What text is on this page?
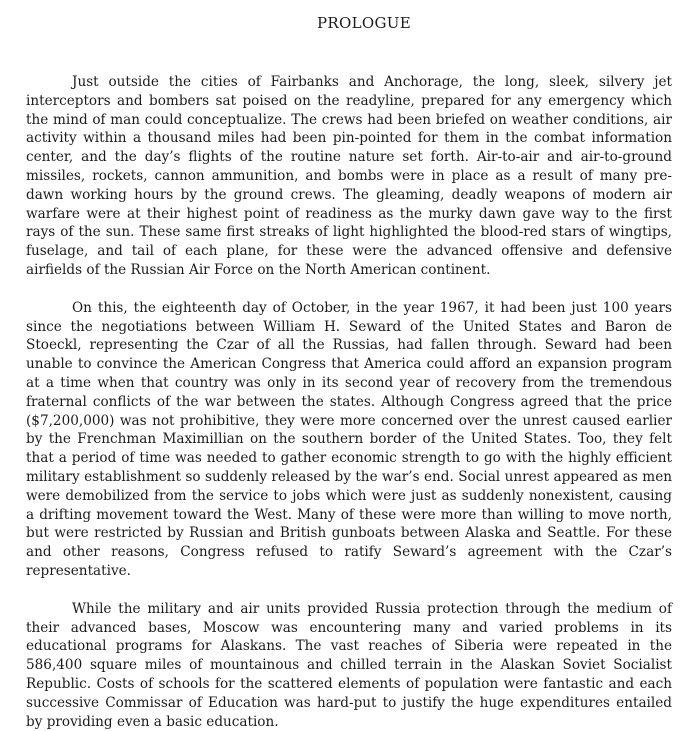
PROLOGUE

Just outside the cities of Fairbanks and Anchorage, the long, sleek, silvery jet interceptors and bombers sat poised on the readyline, prepared for any emergency which the mind of man could conceptualize. The crews had been briefed on weather conditions, air activity within a thousand miles had been pin-pointed for them in the combat information center, and the day’s flights of the routine nature set forth. Air-to-air and air-to-ground missiles, rockets, cannon ammunition, and bombs were in place as a result of many pre-dawn working hours by the ground crews. The gleaming, deadly weapons of modern air warfare were at their highest point of readiness as the murky dawn gave way to the first rays of the sun. These same first streaks of light highlighted the blood-red stars of wingtips, fuselage, and tail of each plane, for these were the advanced offensive and defensive airfields of the Russian Air Force on the North American continent.

On this, the eighteenth day of October, in the year 1967, it had been just 100 years since the negotiations between William H. Seward of the United States and Baron de Stoeckl, representing the Czar of all the Russias, had fallen through. Seward had been unable to convince the American Congress that America could afford an expansion program at a time when that country was only in its second year of recovery from the tremendous fraternal conflicts of the war between the states. Although Congress agreed that the price ($7,200,000) was not prohibitive, they were more concerned over the unrest caused earlier by the Frenchman Maximillian on the southern border of the United States. Too, they felt that a period of time was needed to gather economic strength to go with the highly efficient military establishment so suddenly released by the war’s end. Social unrest appeared as men were demobilized from the service to jobs which were just as suddenly nonexistent, causing a drifting movement toward the West. Many of these were more than willing to move north, but were restricted by Russian and British gunboats between Alaska and Seattle. For these and other reasons, Congress refused to ratify Seward’s agreement with the Czar’s representative.

While the military and air units provided Russia protection through the medium of their advanced bases, Moscow was encountering many and varied problems in its educational programs for Alaskans. The vast reaches of Siberia were repeated in the 586,400 square miles of mountainous and chilled terrain in the Alaskan Soviet Socialist Republic. Costs of schools for the scattered elements of population were fantastic and each successive Commissar of Education was hard-put to justify the huge expenditures entailed by providing even a basic education.
